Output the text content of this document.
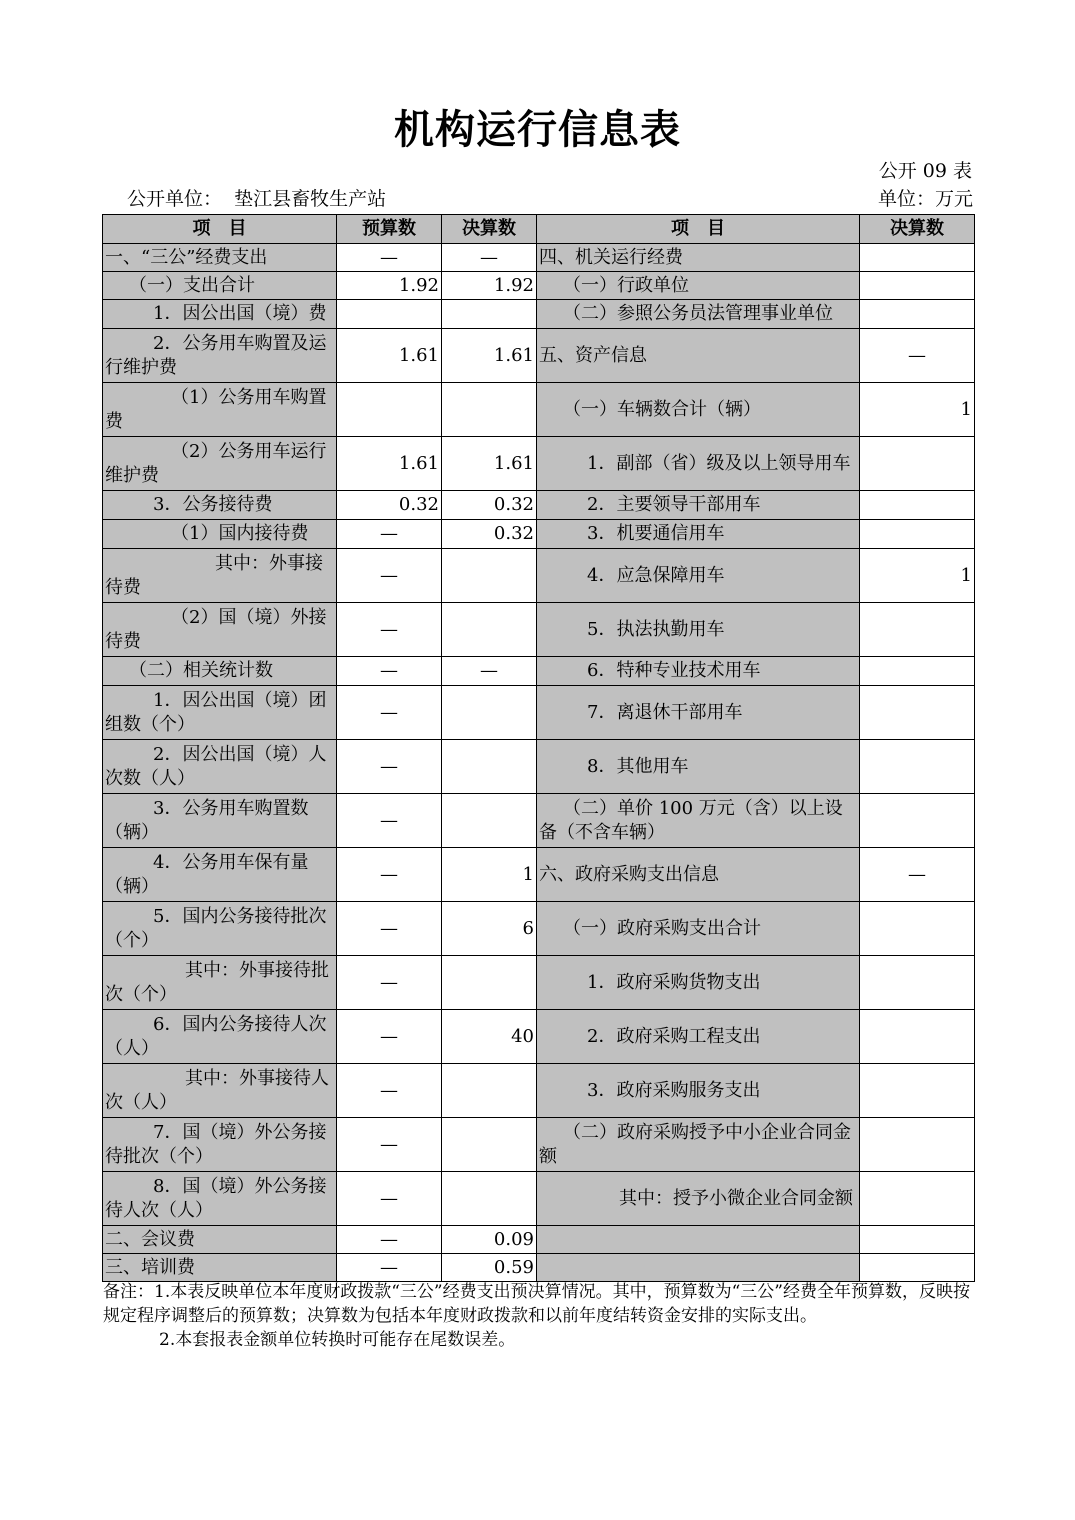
机构运行信息表
公开 09 表
公开单位： 垫江县畜牧生产站	单位：万元
项　目	预算数	决算数	项　目	决算数
一、“三公”经费支出	—	—	四、机关运行经费	
（一）支出合计	1.92	1.92	（一）行政单位	
1．因公出国（境）费			（二）参照公务员法管理事业单位	
2．公务用车购置及运行维护费	1.61	1.61	五、资产信息	—
（1）公务用车购置费			（一）车辆数合计（辆）	1
（2）公务用车运行维护费	1.61	1.61	1．副部（省）级及以上领导用车	
3．公务接待费	0.32	0.32	2．主要领导干部用车	
（1）国内接待费	—	0.32	3．机要通信用车	
其中：外事接待费	—		4．应急保障用车	1
（2）国（境）外接待费	—		5．执法执勤用车	
（二）相关统计数	—	—	6．特种专业技术用车	
1．因公出国（境）团组数（个）	—		7．离退休干部用车	
2．因公出国（境）人次数（人）	—		8．其他用车	
3．公务用车购置数（辆）	—		（二）单价 100 万元（含）以上设备（不含车辆）	
4．公务用车保有量（辆）	—	1	六、政府采购支出信息	—
5．国内公务接待批次（个）	—	6	（一）政府采购支出合计	
其中：外事接待批次（个）	—		1．政府采购货物支出	
6．国内公务接待人次（人）	—	40	2．政府采购工程支出	
其中：外事接待人次（人）	—		3．政府采购服务支出	
7．国（境）外公务接待批次（个）	—		（二）政府采购授予中小企业合同金额	
8．国（境）外公务接待人次（人）	—		其中：授予小微企业合同金额	
二、会议费	—	0.09		
三、培训费	—	0.59		

备注：1.本表反映单位本年度财政拨款“三公”经费支出预决算情况。其中，预算数为“三公”经费全年预算数，反映按规定程序调整后的预算数；决算数为包括本年度财政拨款和以前年度结转资金安排的实际支出。

2.本套报表金额单位转换时可能存在尾数误差。
